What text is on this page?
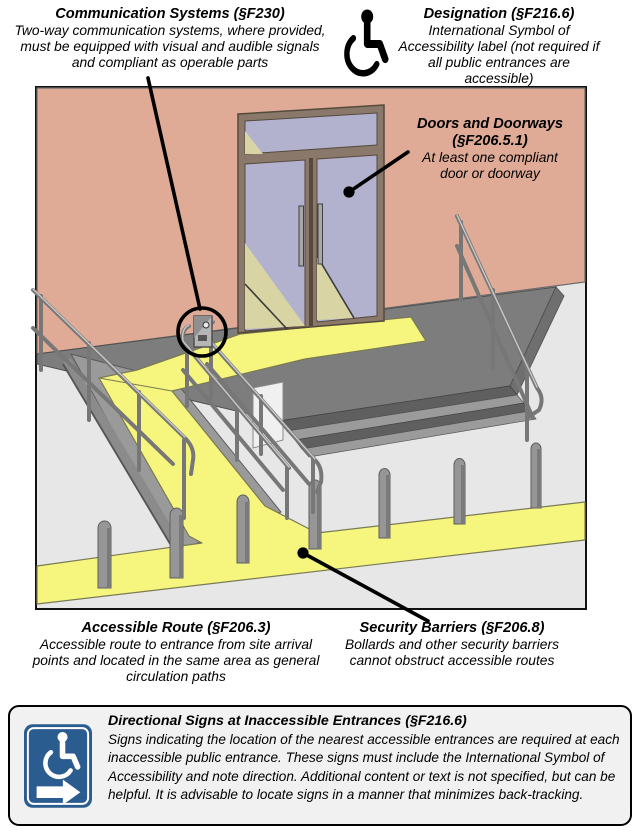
Communication Systems (§F230)
Two-way communication systems, where provided, must be equipped with visual and audible signals and compliant as operable parts
Designation (§F216.6)
International Symbol of Accessibility label (not required if all public entrances are accessible)
Doors and Doorways (§F206.5.1)
At least one compliant door or doorway
Accessible Route (§F206.3)
Accessible route to entrance from site arrival points and located in the same area as general circulation paths
Security Barriers (§F206.8)
Bollards and other security barriers cannot obstruct accessible routes
Directional Signs at Inaccessible Entrances (§F216.6)
Signs indicating the location of the nearest accessible entrances are required at each inaccessible public entrance. These signs must include the International Symbol of Accessibility and note direction. Additional content or text is not specified, but can be helpful. It is advisable to locate signs in a manner that minimizes back-tracking.
